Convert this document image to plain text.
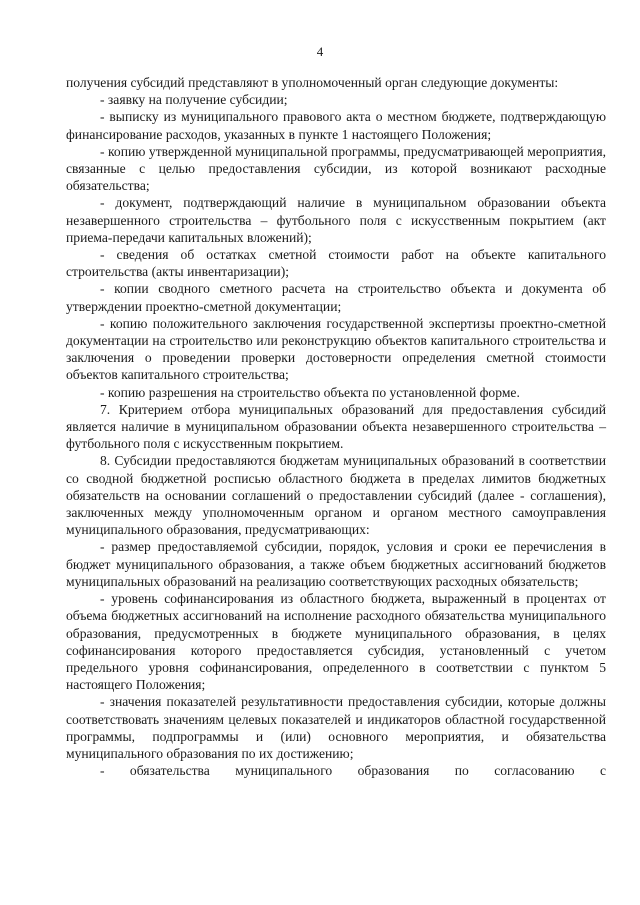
4

получения субсидий представляют в уполномоченный орган следующие документы:

- заявку на получение субсидии;

- выписку из муниципального правового акта о местном бюджете, подтверждающую финансирование расходов, указанных в пункте 1 настоящего Положения;

- копию утвержденной муниципальной программы, предусматривающей мероприятия, связанные с целью предоставления субсидии, из которой возникают расходные обязательства;

- документ, подтверждающий наличие в муниципальном образовании объекта незавершенного строительства – футбольного поля с искусственным покрытием (акт приема-передачи капитальных вложений);

- сведения об остатках сметной стоимости работ на объекте капитального строительства (акты инвентаризации);

- копии сводного сметного расчета на строительство объекта и документа об утверждении проектно-сметной документации;

- копию положительного заключения государственной экспертизы проектно-сметной документации на строительство или реконструкцию объектов капитального строительства и заключения о проведении проверки достоверности определения сметной стоимости объектов капитального строительства;

- копию разрешения на строительство объекта по установленной форме.

7. Критерием отбора муниципальных образований для предоставления субсидий является наличие в муниципальном образовании объекта незавершенного строительства – футбольного поля с искусственным покрытием.

8. Субсидии предоставляются бюджетам муниципальных образований в соответствии со сводной бюджетной росписью областного бюджета в пределах лимитов бюджетных обязательств на основании соглашений о предоставлении субсидий (далее - соглашения), заключенных между уполномоченным органом и органом местного самоуправления муниципального образования, предусматривающих:

- размер предоставляемой субсидии, порядок, условия и сроки ее перечисления в бюджет муниципального образования, а также объем бюджетных ассигнований бюджетов муниципальных образований на реализацию соответствующих расходных обязательств;

- уровень софинансирования из областного бюджета, выраженный в процентах от объема бюджетных ассигнований на исполнение расходного обязательства муниципального образования, предусмотренных в бюджете муниципального образования, в целях софинансирования которого предоставляется субсидия, установленный с учетом предельного уровня софинансирования, определенного в соответствии с пунктом 5 настоящего Положения;

- значения показателей результативности предоставления субсидии, которые должны соответствовать значениям целевых показателей и индикаторов областной государственной программы, подпрограммы и (или) основного мероприятия, и обязательства муниципального образования по их достижению;

- обязательства муниципального образования по согласованию с
